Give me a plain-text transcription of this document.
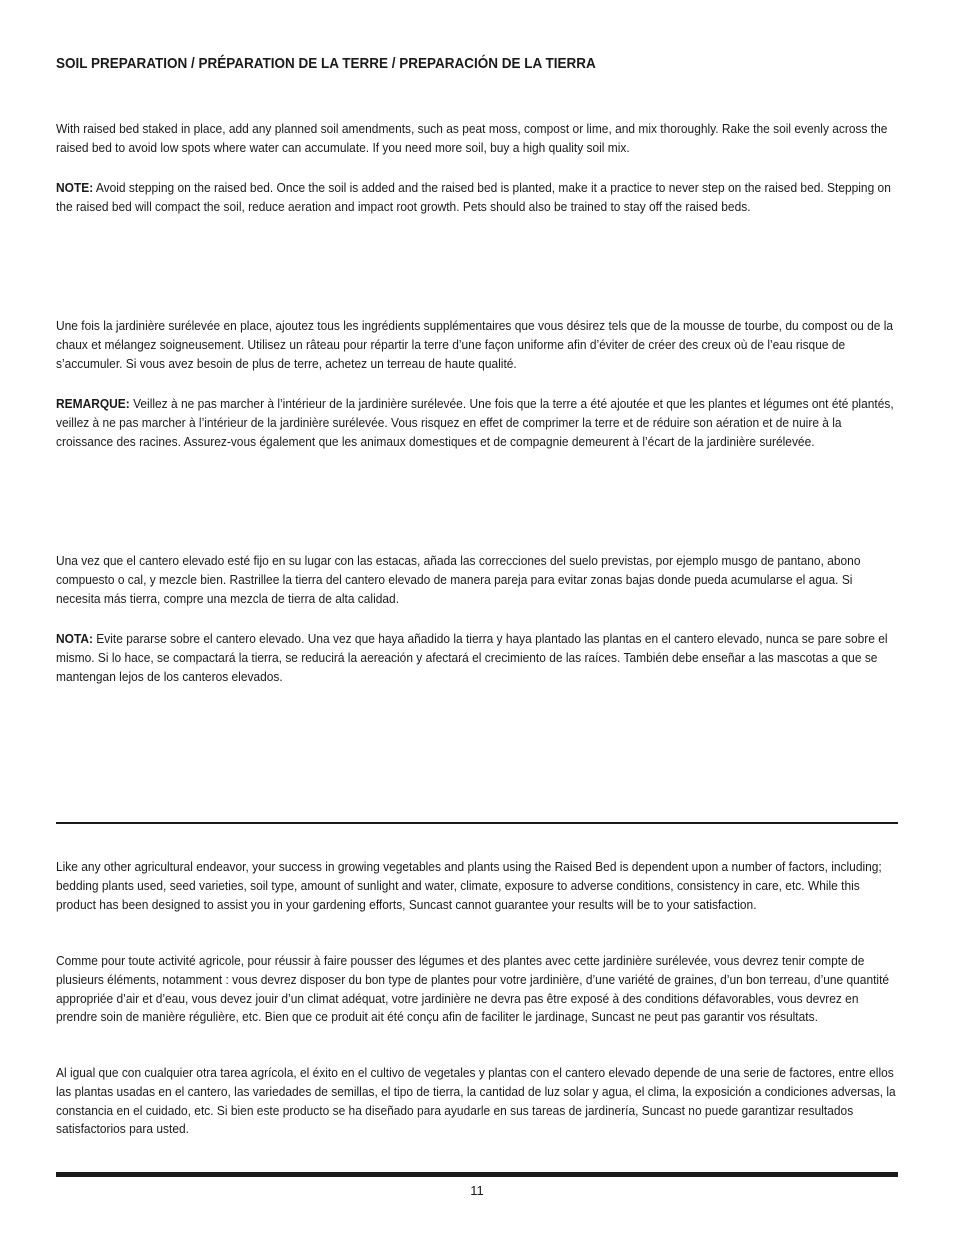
SOIL PREPARATION / PRÉPARATION DE LA TERRE / PREPARACIÓN DE LA TIERRA
With raised bed staked in place, add any planned soil amendments, such as peat moss, compost or lime, and mix thoroughly. Rake the soil evenly across the raised bed to avoid low spots where water can accumulate. If you need more soil, buy a high quality soil mix.
NOTE: Avoid stepping on the raised bed. Once the soil is added and the raised bed is planted, make it a practice to never step on the raised bed. Stepping on the raised bed will compact the soil, reduce aeration and impact root growth. Pets should also be trained to stay off the raised beds.
Une fois la jardinière surélevée en place, ajoutez tous les ingrédients supplémentaires que vous désirez tels que de la mousse de tourbe, du compost ou de la chaux et mélangez soigneusement. Utilisez un râteau pour répartir la terre d’une façon uniforme afin d’éviter de créer des creux où de l’eau risque de s’accumuler. Si vous avez besoin de plus de terre, achetez un terreau de haute qualité.
REMARQUE: Veillez à ne pas marcher à l’intérieur de la jardinière surélevée. Une fois que la terre a été ajoutée et que les plantes et légumes ont été plantés, veillez à ne pas marcher à l’intérieur de la jardinière surélevée. Vous risquez en effet de comprimer la terre et de réduire son aération et de nuire à la croissance des racines. Assurez-vous également que les animaux domestiques et de compagnie demeurent à l’écart de la jardinière surélevée.
Una vez que el cantero elevado esté fijo en su lugar con las estacas, añada las correcciones del suelo previstas, por ejemplo musgo de pantano, abono compuesto o cal, y mezcle bien. Rastrillee la tierra del cantero elevado de manera pareja para evitar zonas bajas donde pueda acumularse el agua. Si necesita más tierra, compre una mezcla de tierra de alta calidad.
NOTA: Evite pararse sobre el cantero elevado. Una vez que haya añadido la tierra y haya plantado las plantas en el cantero elevado, nunca se pare sobre el mismo. Si lo hace, se compactará la tierra, se reducirá la aereación y afectará el crecimiento de las raíces. También debe enseñar a las mascotas a que se mantengan lejos de los canteros elevados.
Like any other agricultural endeavor, your success in growing vegetables and plants using the Raised Bed is dependent upon a number of factors, including; bedding plants used, seed varieties, soil type, amount of sunlight and water, climate, exposure to adverse conditions, consistency in care, etc. While this product has been designed to assist you in your gardening efforts, Suncast cannot guarantee your results will be to your satisfaction.
Comme pour toute activité agricole, pour réussir à faire pousser des légumes et des plantes avec cette jardinière surélevée, vous devrez tenir compte de plusieurs éléments, notamment : vous devrez disposer du bon type de plantes pour votre jardinière, d’une variété de graines, d’un bon terreau, d’une quantité appropriée d’air et d’eau, vous devez jouir d’un climat adéquat, votre jardinière ne devra pas être exposé à des conditions défavorables, vous devrez en prendre soin de manière régulière, etc. Bien que ce produit ait été conçu afin de faciliter le jardinage, Suncast ne peut pas garantir vos résultats.
Al igual que con cualquier otra tarea agrícola, el éxito en el cultivo de vegetales y plantas con el cantero elevado depende de una serie de factores, entre ellos las plantas usadas en el cantero, las variedades de semillas, el tipo de tierra, la cantidad de luz solar y agua, el clima, la exposición a condiciones adversas, la constancia en el cuidado, etc. Si bien este producto se ha diseñado para ayudarle en sus tareas de jardinería, Suncast no puede garantizar resultados satisfactorios para usted.
11
